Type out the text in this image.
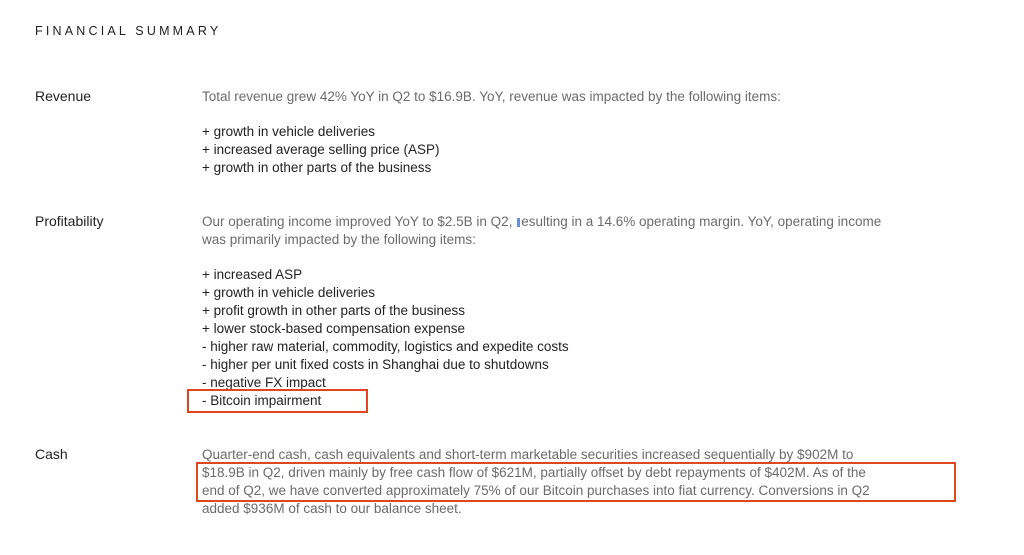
FINANCIAL SUMMARY
Revenue	Total revenue grew 42% YoY in Q2 to $16.9B. YoY, revenue was impacted by the following items:
+ growth in vehicle deliveries
+ increased average selling price (ASP)
+ growth in other parts of the business
Profitability	Our operating income improved YoY to $2.5B in Q2, esulting in a 14.6% operating margin. YoY, operating income
was primarily impacted by the following items:
+ increased ASP
+ growth in vehicle deliveries
+ profit growth in other parts of the business
+ lower stock-based compensation expense
- higher raw material, commodity, logistics and expedite costs
- higher per unit fixed costs in Shanghai due to shutdowns
- negative FX impact
- Bitcoin impairment
Cash	Quarter-end cash, cash equivalents and short-term marketable securities increased sequentially by $902M to
$18.9B in Q2, driven mainly by free cash flow of $621M, partially offset by debt repayments of $402M. As of the
end of Q2, we have converted approximately 75% of our Bitcoin purchases into fiat currency. Conversions in Q2
added $936M of cash to our balance sheet.
